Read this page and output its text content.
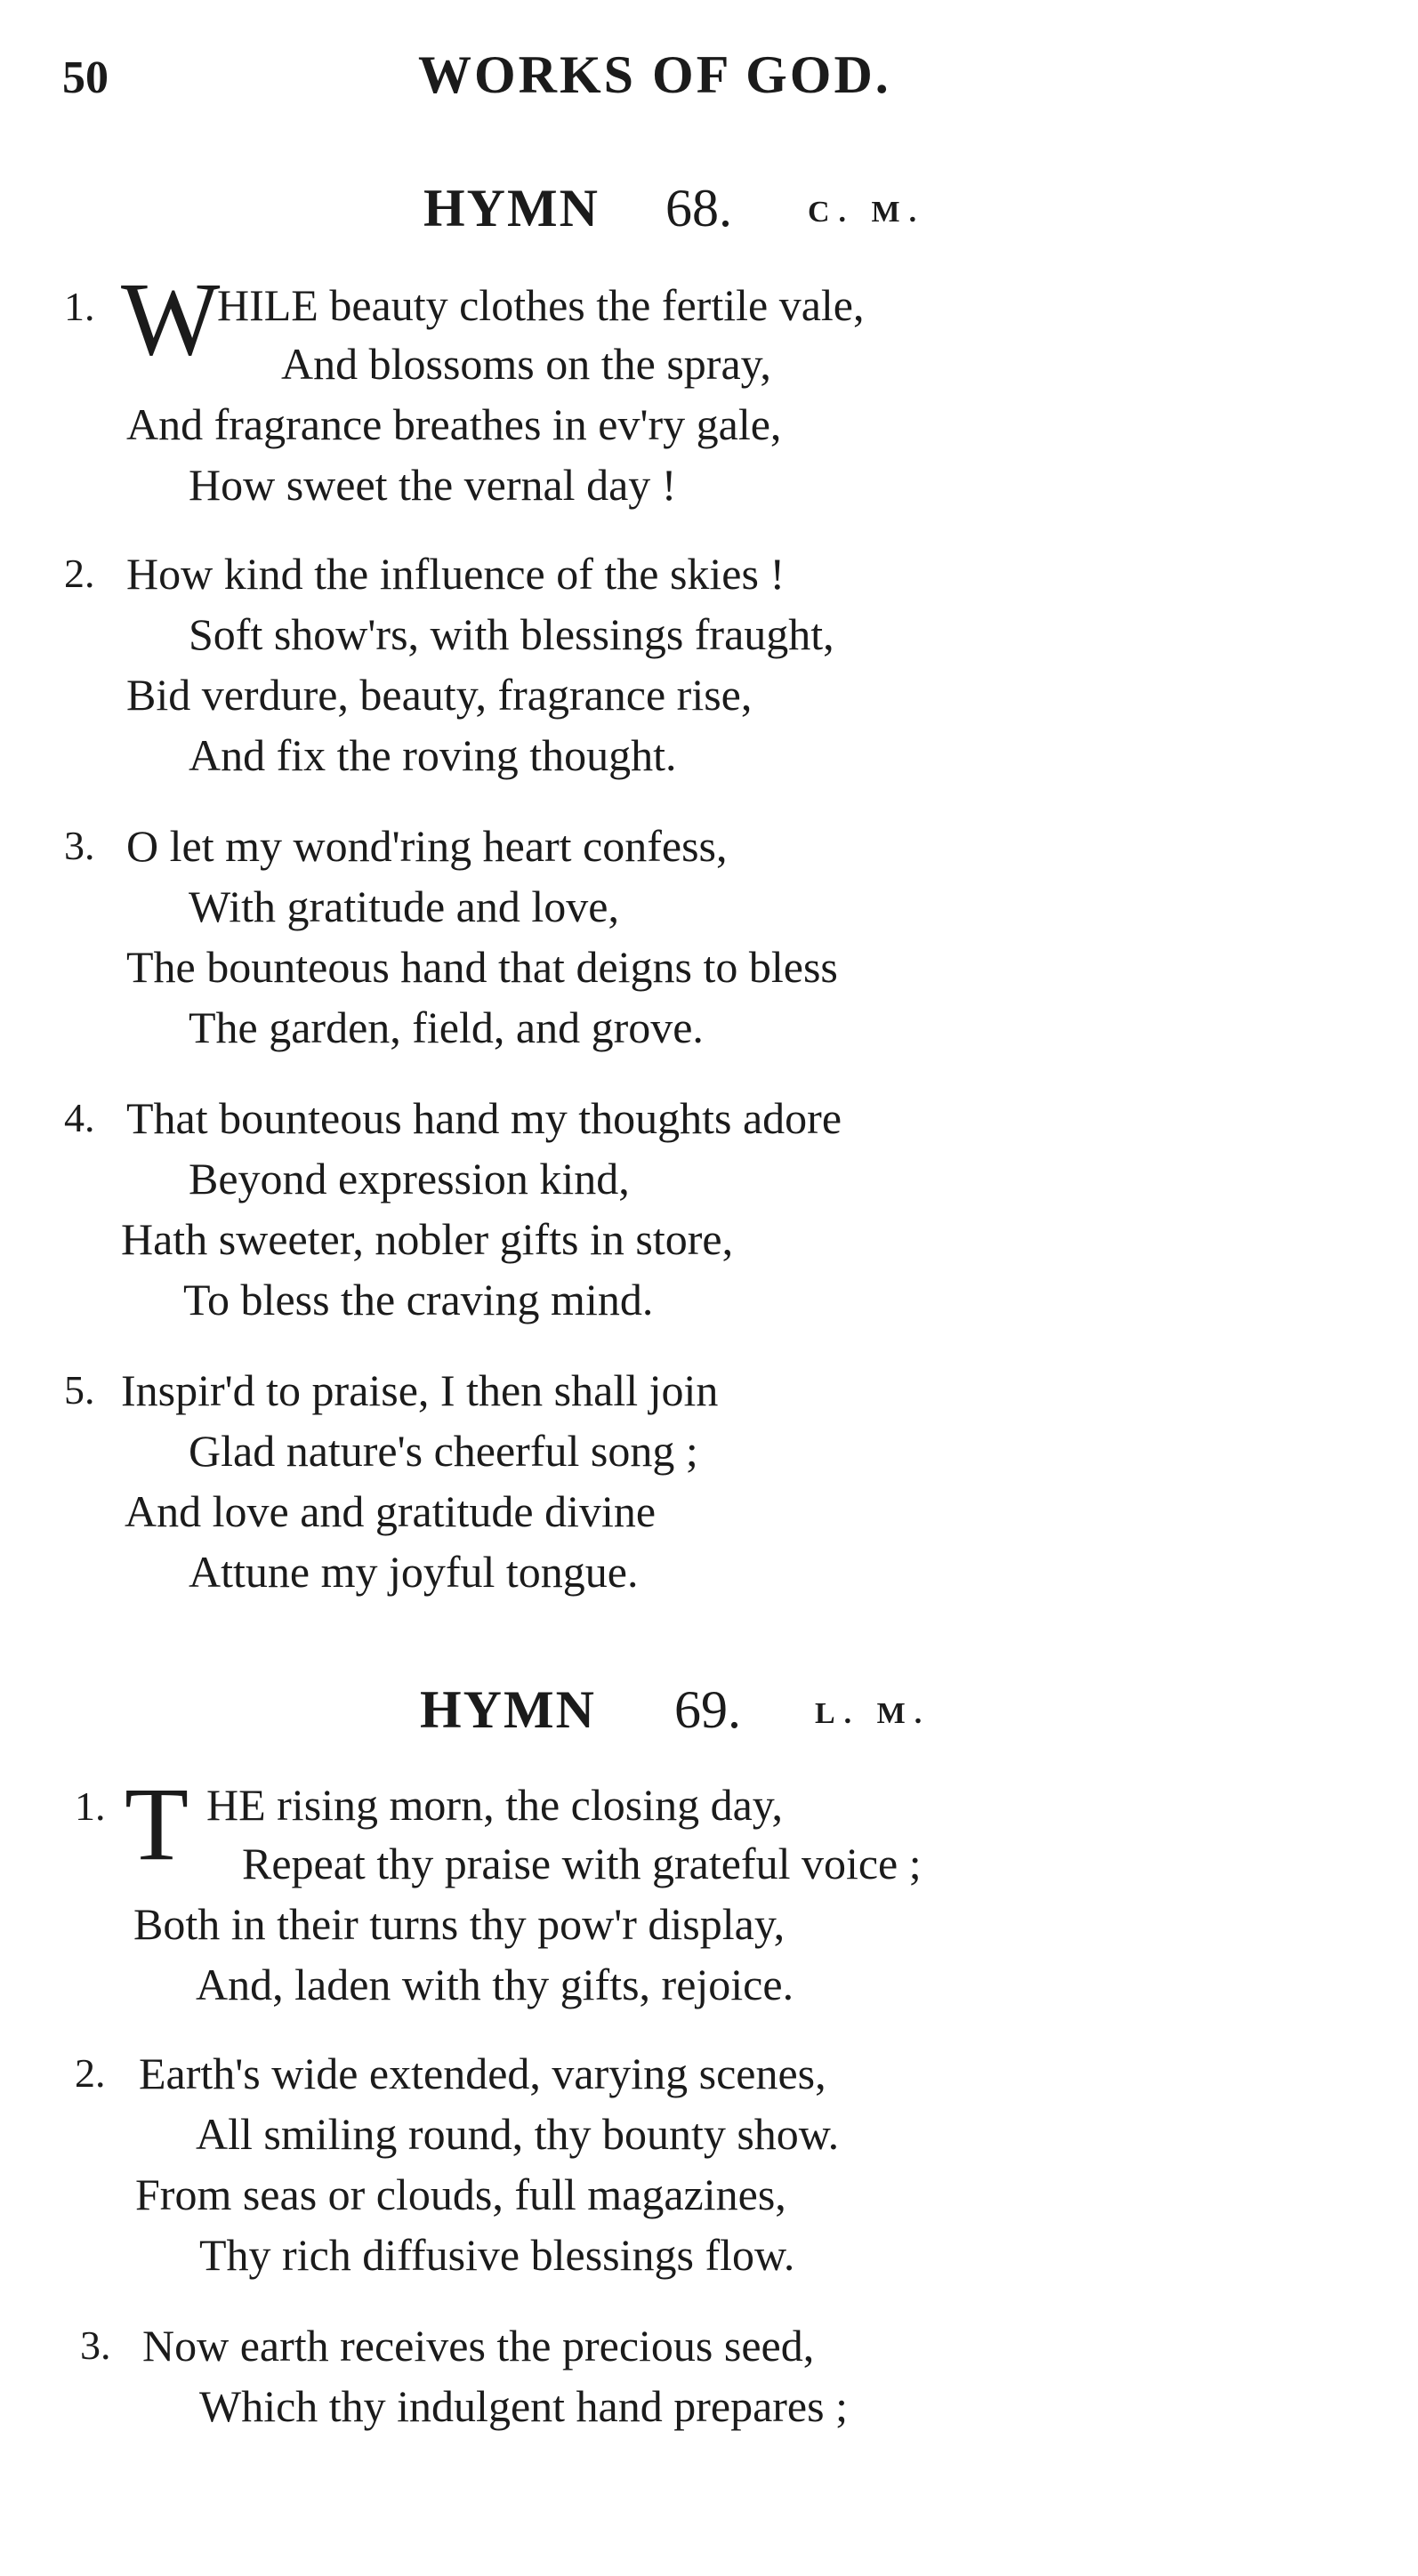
50	WORKS OF GOD.
HYMN 68.	C. M.
1. W
HILE beauty clothes the fertile vale,
And blossoms on the spray,
And fragrance breathes in ev'ry gale,
How sweet the vernal day !
2. How kind the influence of the skies !
Soft show'rs, with blessings fraught,
Bid verdure, beauty, fragrance rise,
And fix the roving thought.
3. O let my wond'ring heart confess,
With gratitude and love,
The bounteous hand that deigns to bless
The garden, field, and grove.
4. That bounteous hand my thoughts adore
Beyond expression kind,
Hath sweeter, nobler gifts in store,
To bless the craving mind.
5. Inspir'd to praise, I then shall join
Glad nature's cheerful song ;
And love and gratitude divine
Attune my joyful tongue.
HYMN 69. L. M.
1. T HE rising morn, the closing day,
Repeat thy praise with grateful voice ;
Both in their turns thy pow'r display,
And, laden with thy gifts, rejoice.
2. Earth's wide extended, varying scenes,
All smiling round, thy bounty show.
From seas or clouds, full magazines,
Thy rich diffusive blessings flow.
3. Now earth receives the precious seed,
Which thy indulgent hand prepares ;
